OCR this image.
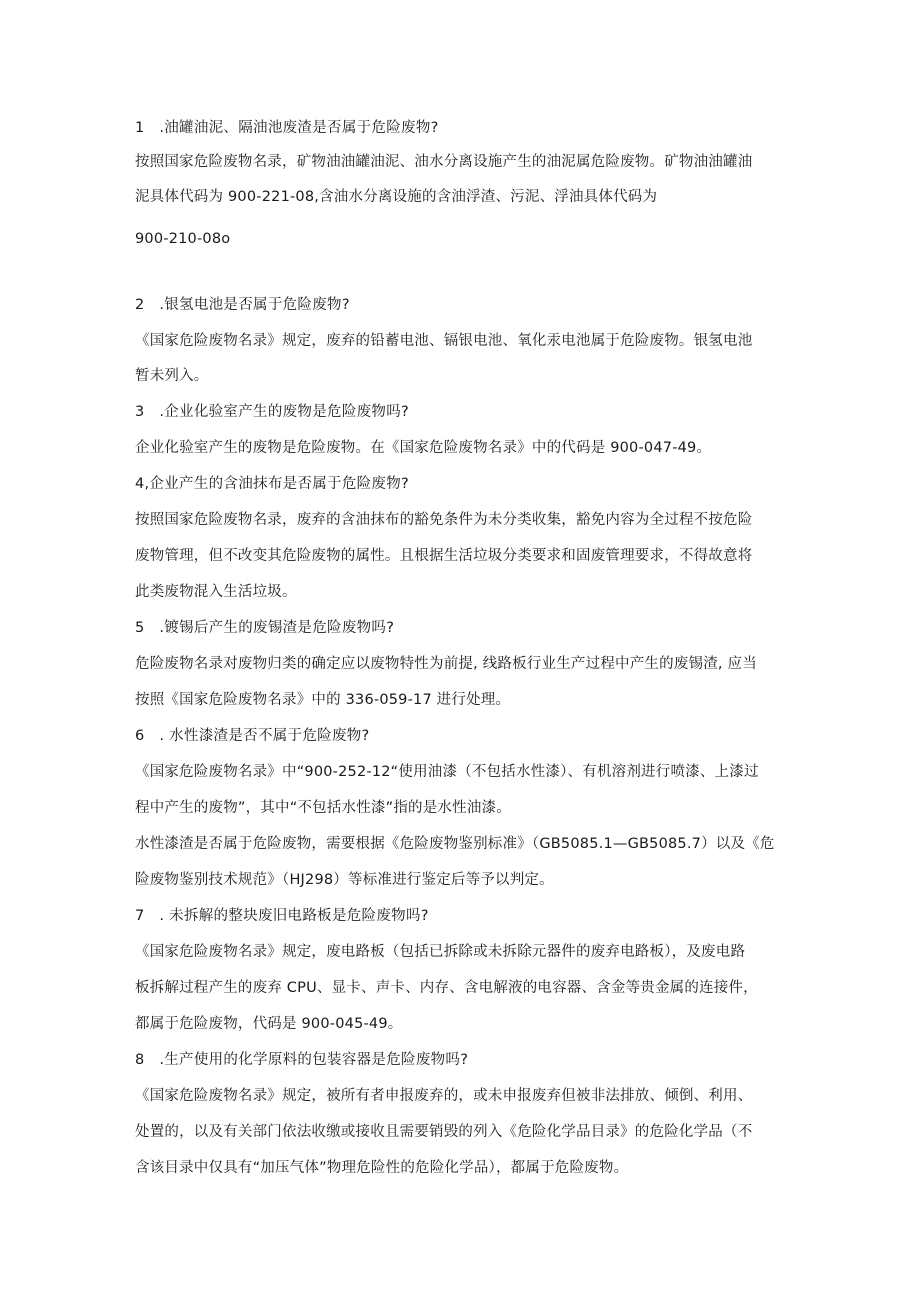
1　.油罐油泥、隔油池废渣是否属于危险废物?
按照国家危险废物名录，矿物油油罐油泥、油水分离设施产生的油泥属危险废物。矿物油油罐油
泥具体代码为 900-221-08,含油水分离设施的含油浮渣、污泥、浮油具体代码为
900-210-08o
2　.银氢电池是否属于危险废物?
《国家危险废物名录》规定，废弃的铅蓄电池、镉银电池、氧化汞电池属于危险废物。银氢电池
暂未列入。
3　.企业化验室产生的废物是危险废物吗?
企业化验室产生的废物是危险废物。在《国家危险废物名录》中的代码是 900-047-49。
4,企业产生的含油抹布是否属于危险废物?
按照国家危险废物名录，废弃的含油抹布的豁免条件为未分类收集，豁免内容为全过程不按危险
废物管理，但不改变其危险废物的属性。且根据生活垃圾分类要求和固废管理要求，不得故意将
此类废物混入生活垃圾。
5　.镀锡后产生的废锡渣是危险废物吗?
危险废物名录对废物归类的确定应以废物特性为前提, 线路板行业生产过程中产生的废锡渣, 应当
按照《国家危险废物名录》中的 336-059-17 进行处理。
6　. 水性漆渣是否不属于危险废物?
《国家危险废物名录》中“900-252-12“使用油漆（不包括水性漆）、有机溶剂进行喷漆、上漆过
程中产生的废物”，其中“不包括水性漆”指的是水性油漆。
水性漆渣是否属于危险废物，需要根据《危险废物鉴别标准》（GB5085.1—GB5085.7）以及《危
险废物鉴别技术规范》（HJ298）等标准进行鉴定后等予以判定。
7　. 未拆解的整块废旧电路板是危险废物吗?
《国家危险废物名录》规定，废电路板（包括已拆除或未拆除元器件的废弃电路板），及废电路
板拆解过程产生的废弃 CPU、显卡、声卡、内存、含电解液的电容器、含金等贵金属的连接件，
都属于危险废物，代码是 900-045-49。
8　.生产使用的化学原料的包装容器是危险废物吗?
《国家危险废物名录》规定，被所有者申报废弃的，或未申报废弃但被非法排放、倾倒、利用、
处置的，以及有关部门依法收缴或接收且需要销毁的列入《危险化学品目录》的危险化学品（不
含该目录中仅具有“加压气体”物理危险性的危险化学品），都属于危险废物。
